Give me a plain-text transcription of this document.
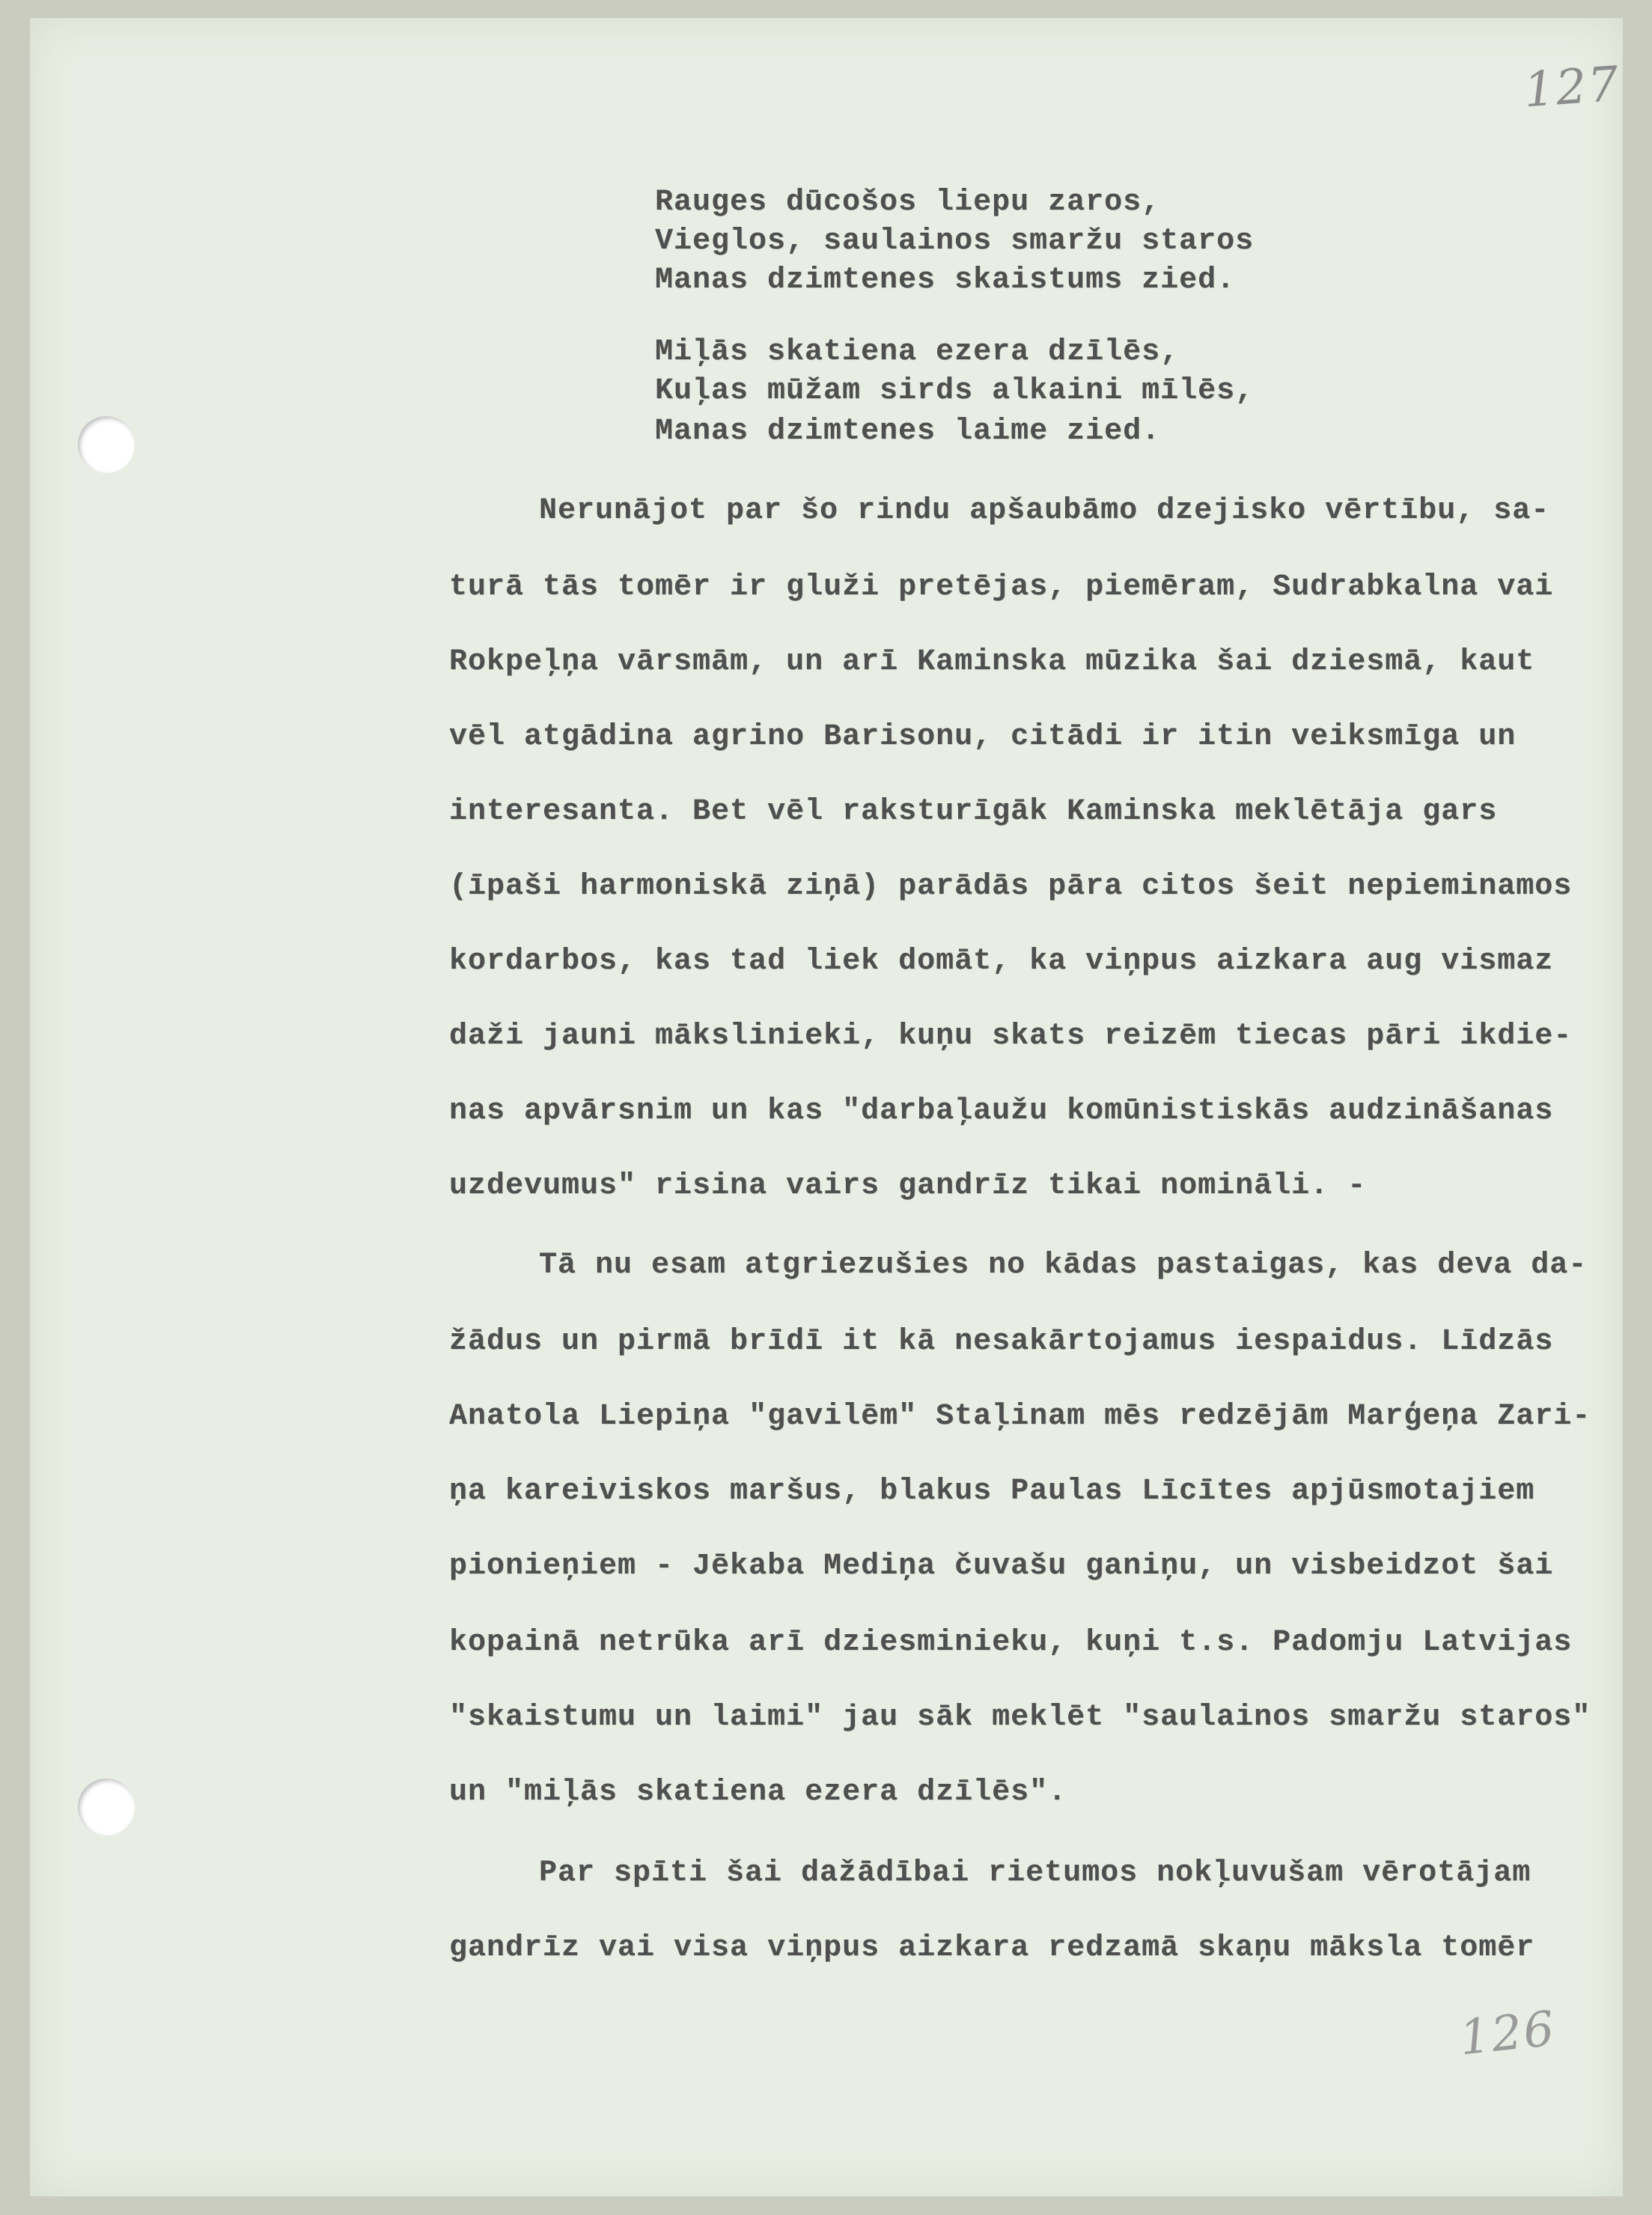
127
126
Rauges dūcošos liepu zaros,
Vieglos, saulainos smaržu staros
Manas dzimtenes skaistums zied.
Miļās skatiena ezera dzīlēs,
Kuļas mūžam sirds alkaini mīlēs,
Manas dzimtenes laime zied.
Nerunājot par šo rindu apšaubāmo dzejisko vērtību, sa-
turā tās tomēr ir gluži pretējas, piemēram, Sudrabkalna vai
Rokpeļņa vārsmām, un arī Kaminska mūzika šai dziesmā, kaut
vēl atgādina agrino Barisonu, citādi ir itin veiksmīga un
interesanta. Bet vēl raksturīgāk Kaminska meklētāja gars
(īpaši harmoniskā ziņā) parādās pāra citos šeit nepieminamos
kordarbos, kas tad liek domāt, ka viņpus aizkara aug vismaz
daži jauni mākslinieki, kuņu skats reizēm tiecas pāri ikdie-
nas apvārsnim un kas "darbaļaužu komūnistiskās audzināšanas
uzdevumus" risina vairs gandrīz tikai nomināli. -
Tā nu esam atgriezušies no kādas pastaigas, kas deva da-
žādus un pirmā brīdī it kā nesakārtojamus iespaidus. Līdzās
Anatola Liepiņa "gavilēm" Staļinam mēs redzējām Marģeņa Zari-
ņa kareiviskos maršus, blakus Paulas Līcītes apjūsmotajiem
pionieņiem - Jēkaba Mediņa čuvašu ganiņu, un visbeidzot šai
kopainā netrūka arī dziesminieku, kuņi t.s. Padomju Latvijas
"skaistumu un laimi" jau sāk meklēt "saulainos smaržu staros"
un "miļās skatiena ezera dzīlēs".
Par spīti šai dažādībai rietumos nokļuvušam vērotājam
gandrīz vai visa viņpus aizkara redzamā skaņu māksla tomēr
